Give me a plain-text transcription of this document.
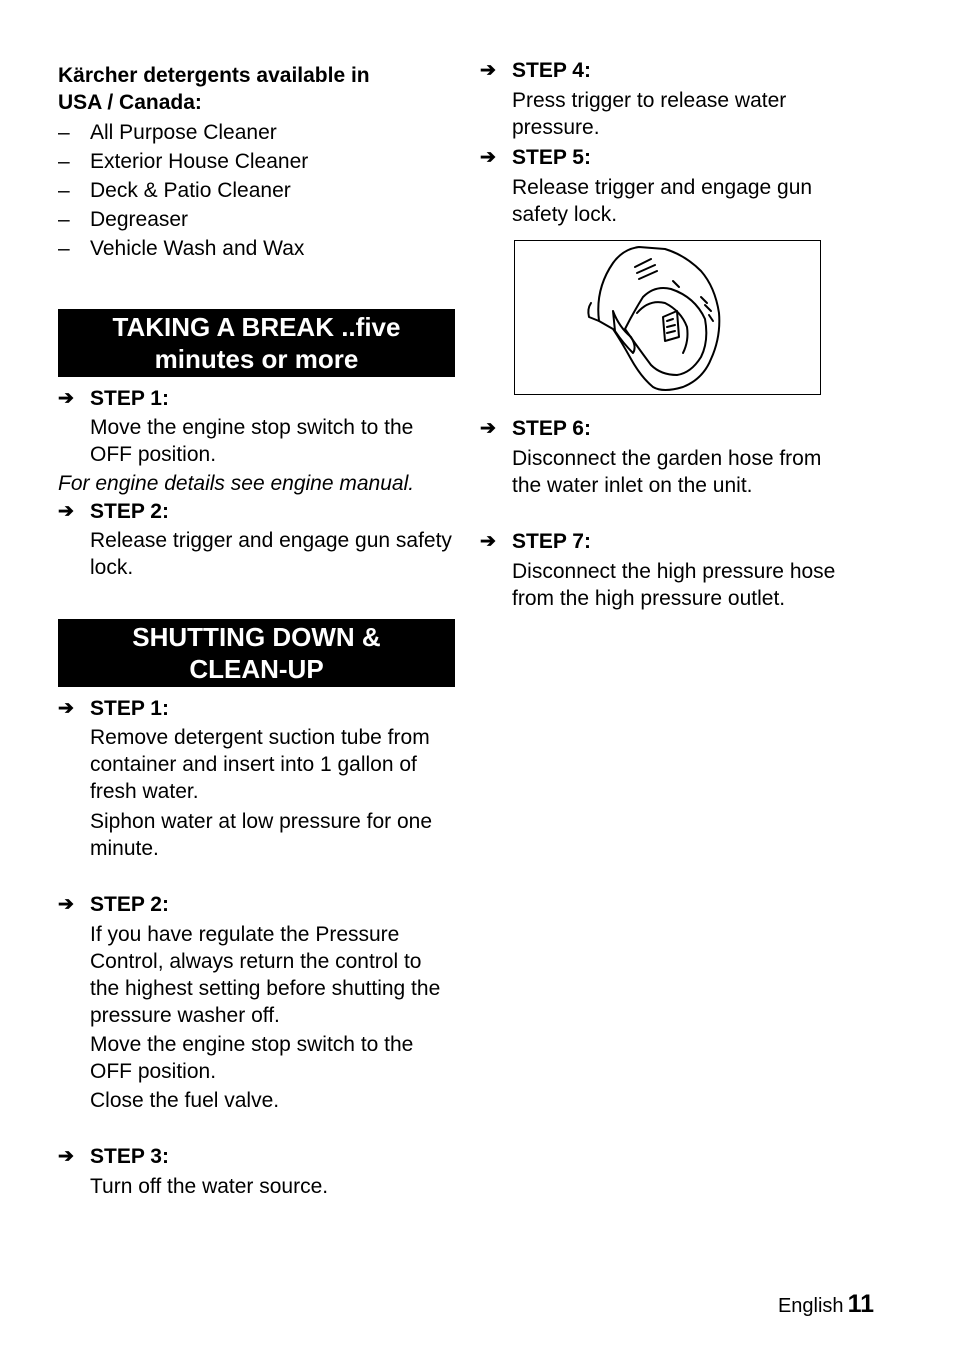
Kärcher detergents available in USA / Canada:

– All Purpose Cleaner
– Exterior House Cleaner
– Deck & Patio Cleaner
– Degreaser
– Vehicle Wash and Wax
TAKING A BREAK ..five minutes or more
➔ STEP 1:

Move the engine stop switch to the OFF position.

For engine details see engine manual.
➔ STEP 2:

Release trigger and engage gun safety lock.

SHUTTING DOWN & CLEAN-UP
➔ STEP 1:

Remove detergent suction tube from container and insert into 1 gallon of fresh water.

Siphon water at low pressure for one minute.

➔ STEP 2:

If you have regulate the Pressure Control, always return the control to the highest setting before shutting the pressure washer off.

Move the engine stop switch to the OFF position.

Close the fuel valve.

➔ STEP 3:

Turn off the water source.

➔ STEP 4:

Press trigger to release water pressure.

➔ STEP 5:

Release trigger and engage gun safety lock.

➔ STEP 6:

Disconnect the garden hose from the water inlet on the unit.

➔ STEP 7:

Disconnect the high pressure hose from the high pressure outlet.

English 11
